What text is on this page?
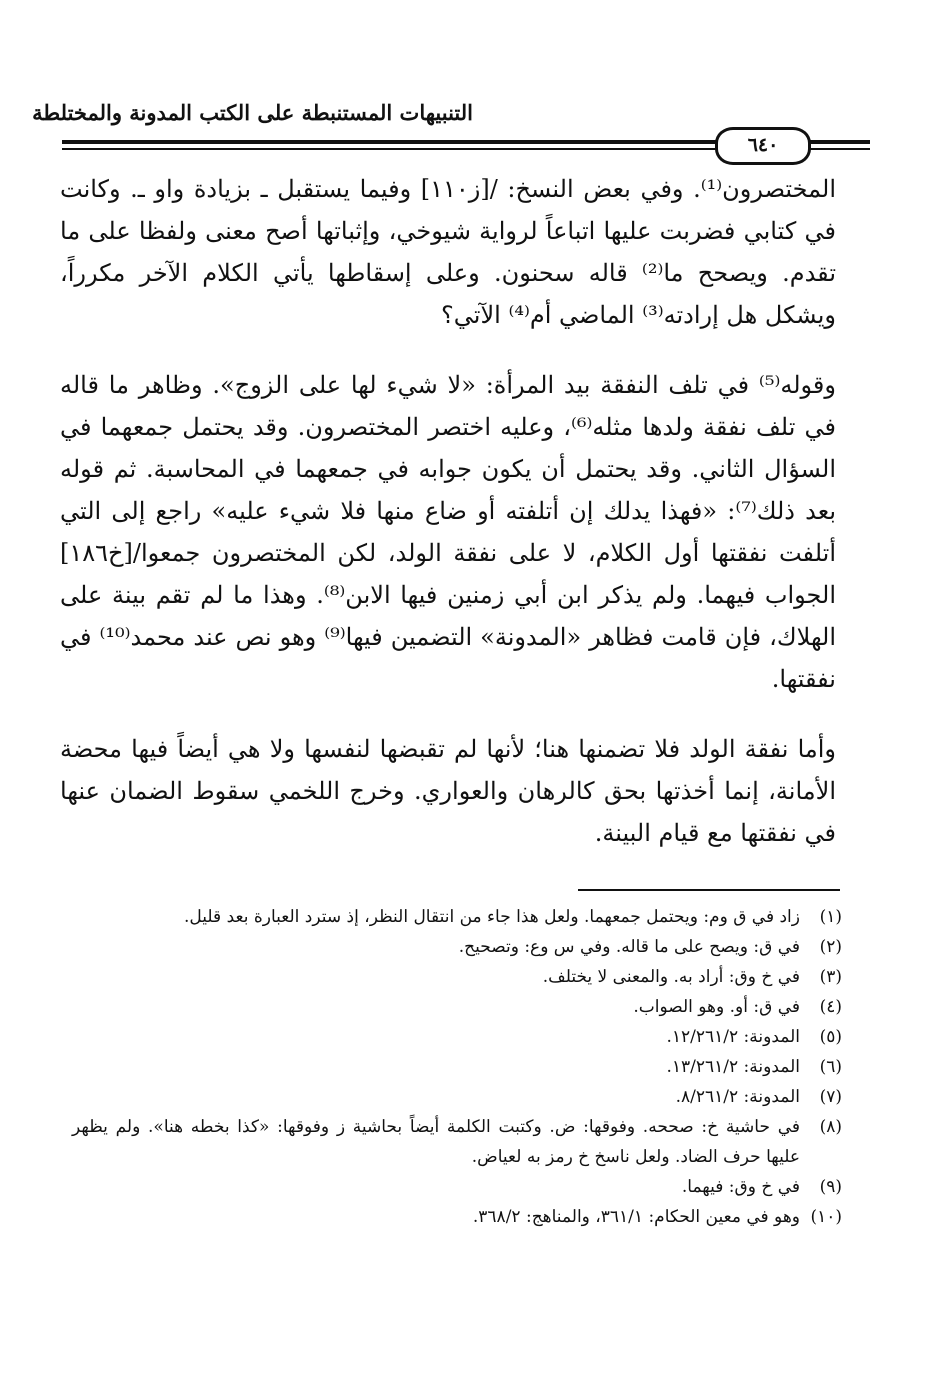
التنبيهات المستنبطة على الكتب المدونة والمختلطة
٦٤٠

المختصرون⁽¹⁾. وفي بعض النسخ: /[ز١١٠] وفيما يستقبل ـ بزيادة واو ـ. وكانت في كتابي فضربت عليها اتباعاً لرواية شيوخي، وإثباتها أصح معنى ولفظا على ما تقدم. ويصحح ما⁽²⁾ قاله سحنون. وعلى إسقاطها يأتي الكلام الآخر مكرراً، ويشكل هل إرادته⁽³⁾ الماضي أم⁽⁴⁾ الآتي؟

وقوله⁽⁵⁾ في تلف النفقة بيد المرأة: «لا شيء لها على الزوج». وظاهر ما قاله في تلف نفقة ولدها مثله⁽⁶⁾، وعليه اختصر المختصرون. وقد يحتمل جمعهما في السؤال الثاني. وقد يحتمل أن يكون جوابه في جمعهما في المحاسبة. ثم قوله بعد ذلك⁽⁷⁾: «فهذا يدلك إن أتلفته أو ضاع منها فلا شيء عليه» راجع إلى التي أتلفت نفقتها أول الكلام، لا على نفقة الولد، لكن المختصرون جمعوا/[خ١٨٦] الجواب فيهما. ولم يذكر ابن أبي زمنين فيها الابن⁽⁸⁾. وهذا ما لم تقم بينة على الهلاك، فإن قامت فظاهر «المدونة» التضمين فيها⁽⁹⁾ وهو نص عند محمد⁽¹⁰⁾ في نفقتها.

وأما نفقة الولد فلا تضمنها هنا؛ لأنها لم تقبضها لنفسها ولا هي أيضاً فيها محضة الأمانة، إنما أخذتها بحق كالرهان والعواري. وخرج اللخمي سقوط الضمان عنها في نفقتها مع قيام البينة.

(١)
زاد في ق وم: ويحتمل جمعهما. ولعل هذا جاء من انتقال النظر، إذ سترد العبارة بعد قليل.
(٢)
في ق: ويصح على ما قاله. وفي س وع: وتصحيح.
(٣)
في خ وق: أراد به. والمعنى لا يختلف.
(٤)
في ق: أو. وهو الصواب.
(٥)
المدونة: ١٢/٢٦١/٢.
(٦)
المدونة: ١٣/٢٦١/٢.
(٧)
المدونة: ٨/٢٦١/٢.
(٨)
في حاشية خ: صححه. وفوقها: ض. وكتبت الكلمة أيضاً بحاشية ز وفوقها: «كذا بخطه هنا». ولم يظهر عليها حرف الضاد. ولعل ناسخ خ رمز به لعياض.
(٩)
في خ وق: فيهما.
(١٠)
وهو في معين الحكام: ٣٦١/١، والمناهج: ٣٦٨/٢.
